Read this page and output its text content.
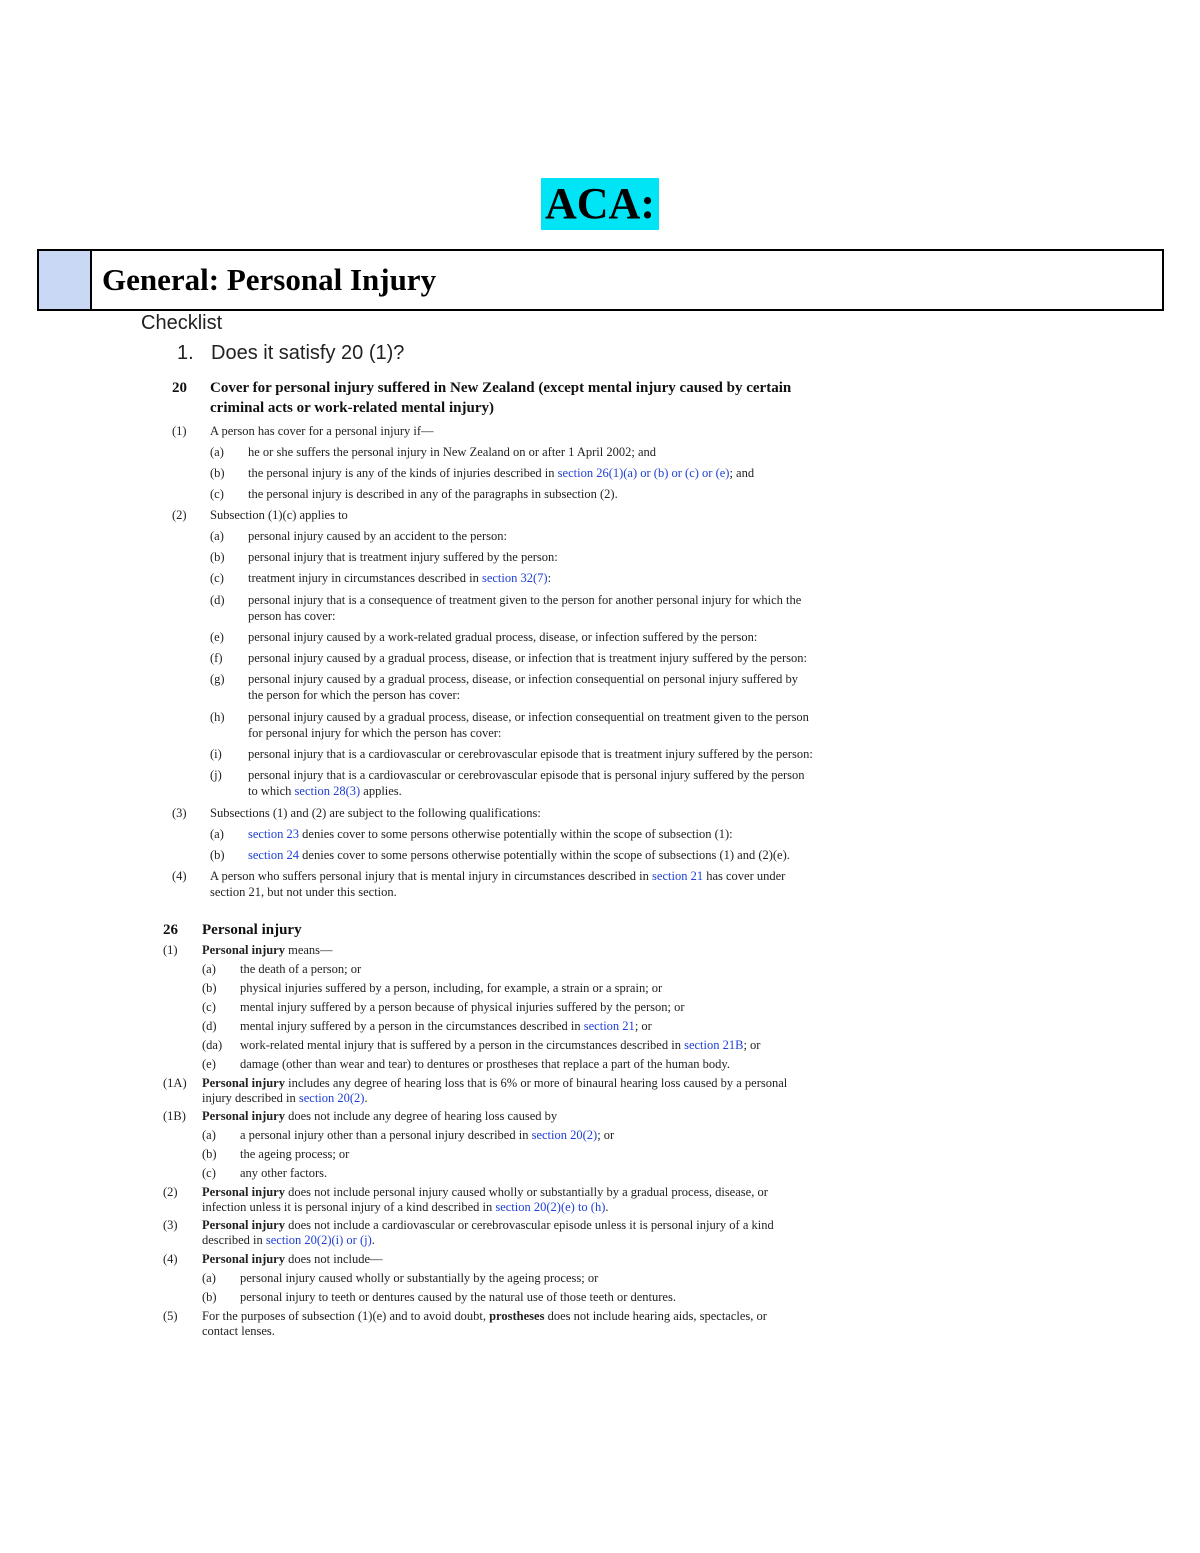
ACA:
General: Personal Injury
Checklist
1. Does it satisfy 20 (1)?
20 Cover for personal injury suffered in New Zealand (except mental injury caused by certain
criminal acts or work-related mental injury)
(1) A person has cover for a personal injury if—
(a) he or she suffers the personal injury in New Zealand on or after 1 April 2002; and
(b) the personal injury is any of the kinds of injuries described in section 26(1)(a) or (b) or (c) or (e); and
(c) the personal injury is described in any of the paragraphs in subsection (2).
(2) Subsection (1)(c) applies to
(a) personal injury caused by an accident to the person:
(b) personal injury that is treatment injury suffered by the person:
(c) treatment injury in circumstances described in section 32(7):
(d) personal injury that is a consequence of treatment given to the person for another personal injury for which the
person has cover:
(e) personal injury caused by a work-related gradual process, disease, or infection suffered by the person:
(f) personal injury caused by a gradual process, disease, or infection that is treatment injury suffered by the person:
(g) personal injury caused by a gradual process, disease, or infection consequential on personal injury suffered by
the person for which the person has cover:
(h) personal injury caused by a gradual process, disease, or infection consequential on treatment given to the person
for personal injury for which the person has cover:
(i) personal injury that is a cardiovascular or cerebrovascular episode that is treatment injury suffered by the person:
(j) personal injury that is a cardiovascular or cerebrovascular episode that is personal injury suffered by the person
to which section 28(3) applies.
(3) Subsections (1) and (2) are subject to the following qualifications:
(a) section 23 denies cover to some persons otherwise potentially within the scope of subsection (1):
(b) section 24 denies cover to some persons otherwise potentially within the scope of subsections (1) and (2)(e).
(4) A person who suffers personal injury that is mental injury in circumstances described in section 21 has cover under
section 21, but not under this section.
26 Personal injury
(1) Personal injury means—
(a) the death of a person; or
(b) physical injuries suffered by a person, including, for example, a strain or a sprain; or
(c) mental injury suffered by a person because of physical injuries suffered by the person; or
(d) mental injury suffered by a person in the circumstances described in section 21; or
(da) work-related mental injury that is suffered by a person in the circumstances described in section 21B; or
(e) damage (other than wear and tear) to dentures or prostheses that replace a part of the human body.
(1A) Personal injury includes any degree of hearing loss that is 6% or more of binaural hearing loss caused by a personal
injury described in section 20(2).
(1B) Personal injury does not include any degree of hearing loss caused by
(a) a personal injury other than a personal injury described in section 20(2); or
(b) the ageing process; or
(c) any other factors.
(2) Personal injury does not include personal injury caused wholly or substantially by a gradual process, disease, or
infection unless it is personal injury of a kind described in section 20(2)(e) to (h).
(3) Personal injury does not include a cardiovascular or cerebrovascular episode unless it is personal injury of a kind
described in section 20(2)(i) or (j).
(4) Personal injury does not include—
(a) personal injury caused wholly or substantially by the ageing process; or
(b) personal injury to teeth or dentures caused by the natural use of those teeth or dentures.
(5) For the purposes of subsection (1)(e) and to avoid doubt, prostheses does not include hearing aids, spectacles, or
contact lenses.
